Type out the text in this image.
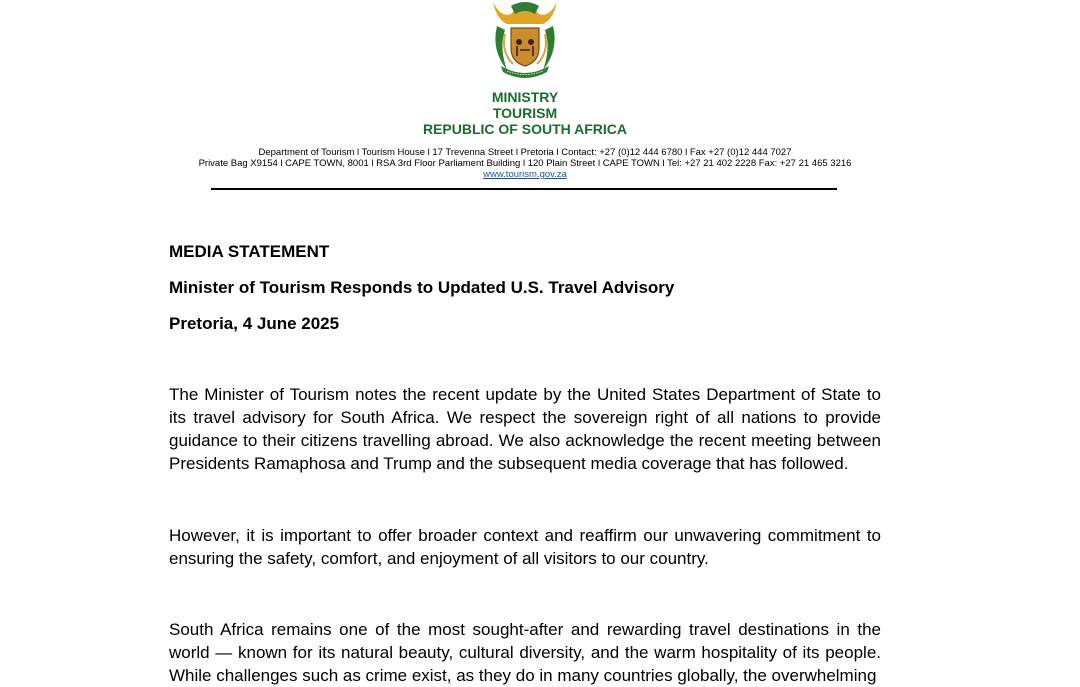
MINISTRY
TOURISM
REPUBLIC OF SOUTH AFRICA
Department of Tourism l Tourism House l 17 Trevenna Street l Pretoria l Contact: +27 (0)12 444 6780 l Fax +27 (0)12 444 7027
Private Bag X9154 l CAPE TOWN, 8001 l RSA 3rd Floor Parliament Building l 120 Plain Street l CAPE TOWN l Tel: +27 21 402 2228 Fax: +27 21 465 3216
www.tourism.gov.za
MEDIA STATEMENT
Minister of Tourism Responds to Updated U.S. Travel Advisory
Pretoria, 4 June 2025

The Minister of Tourism notes the recent update by the United States Department of State to its travel advisory for South Africa. We respect the sovereign right of all nations to provide guidance to their citizens travelling abroad. We also acknowledge the recent meeting between Presidents Ramaphosa and Trump and the subsequent media coverage that has followed.

However, it is important to offer broader context and reaffirm our unwavering commitment to ensuring the safety, comfort, and enjoyment of all visitors to our country.

South Africa remains one of the most sought-after and rewarding travel destinations in the world — known for its natural beauty, cultural diversity, and the warm hospitality of its people. While challenges such as crime exist, as they do in many countries globally, the overwhelming
